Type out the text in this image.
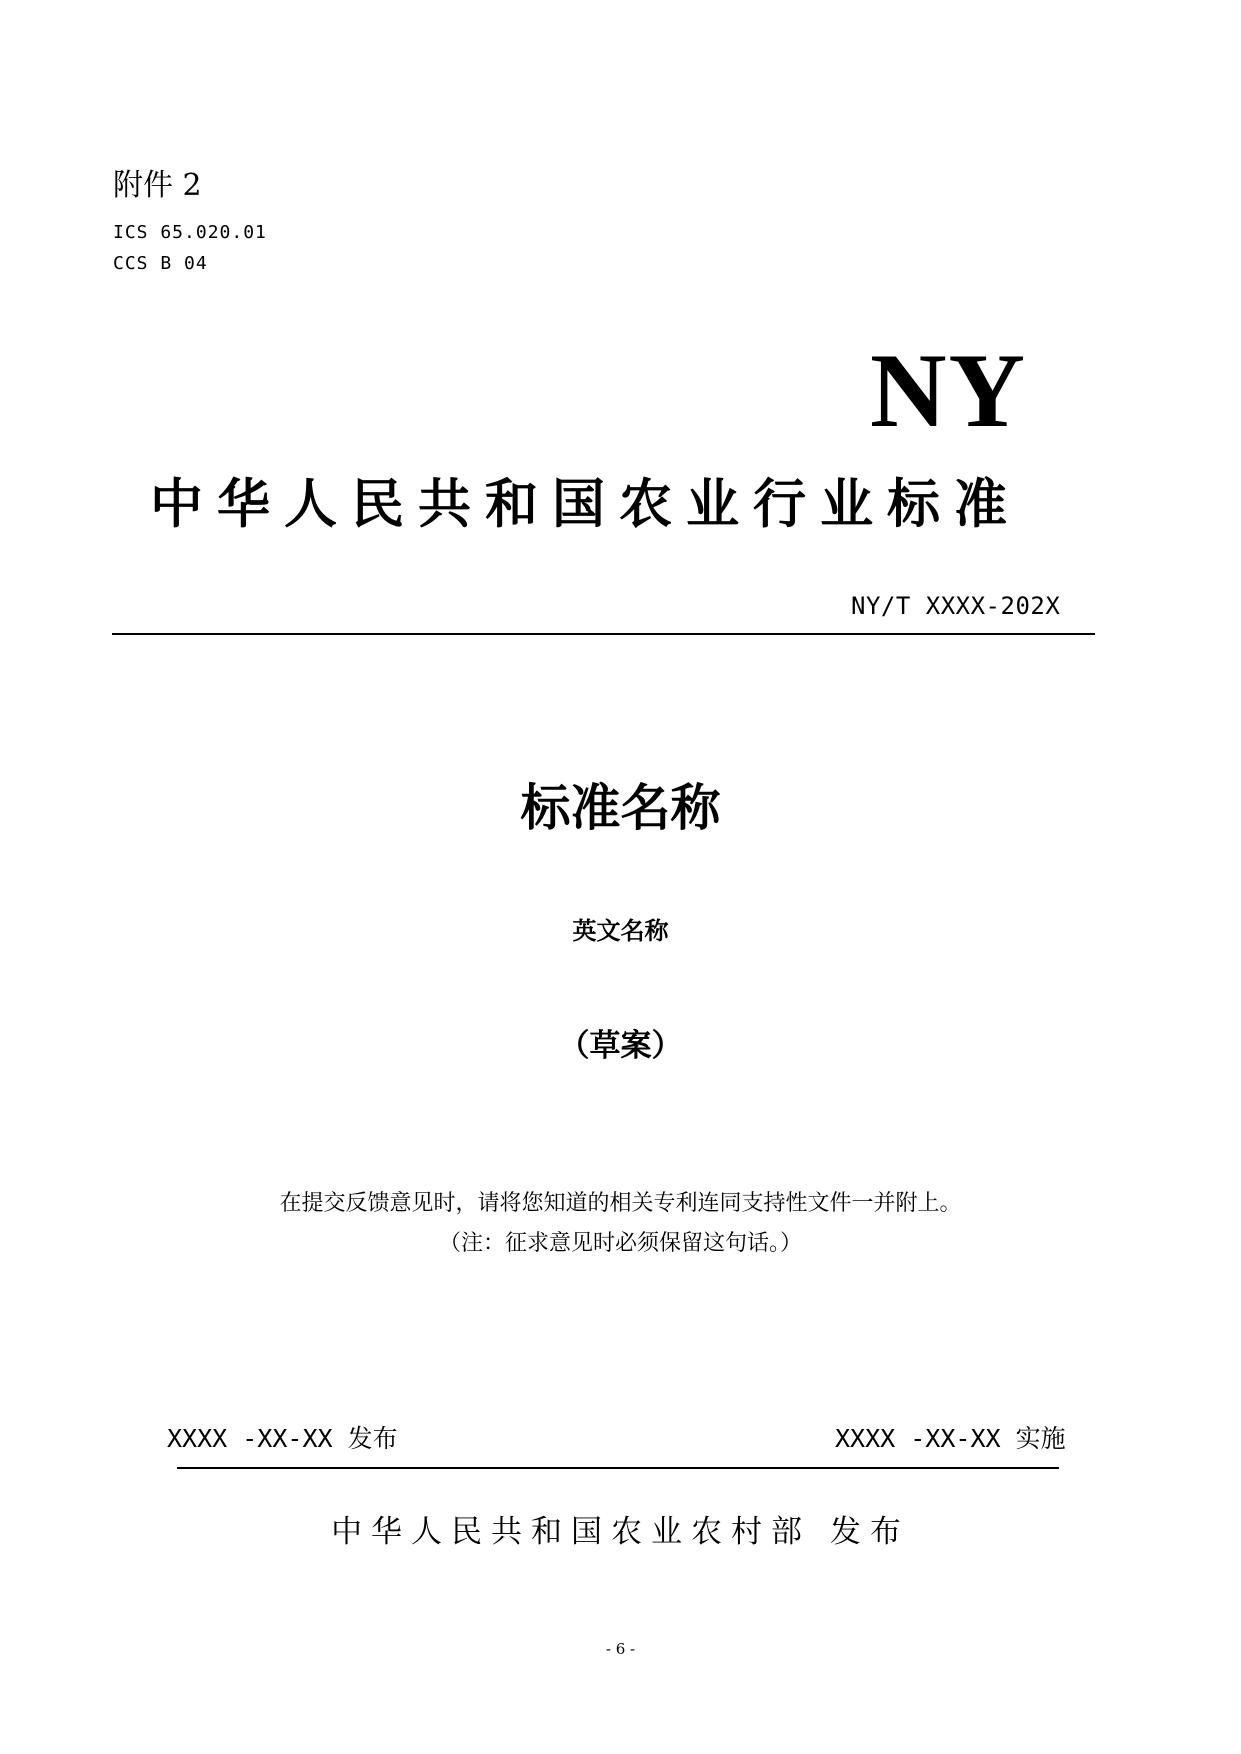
附件 2
ICS 65.020.01
CCS B 04
NY
中华人民共和国农业行业标准
NY/T XXXX-202X
标准名称
英文名称
（草案）
在提交反馈意见时，请将您知道的相关专利连同支持性文件一并附上。
（注：征求意见时必须保留这句话。）
XXXX -XX-XX 发布	XXXX -XX-XX 实施
中华人民共和国农业农村部 发布
- 6 -
